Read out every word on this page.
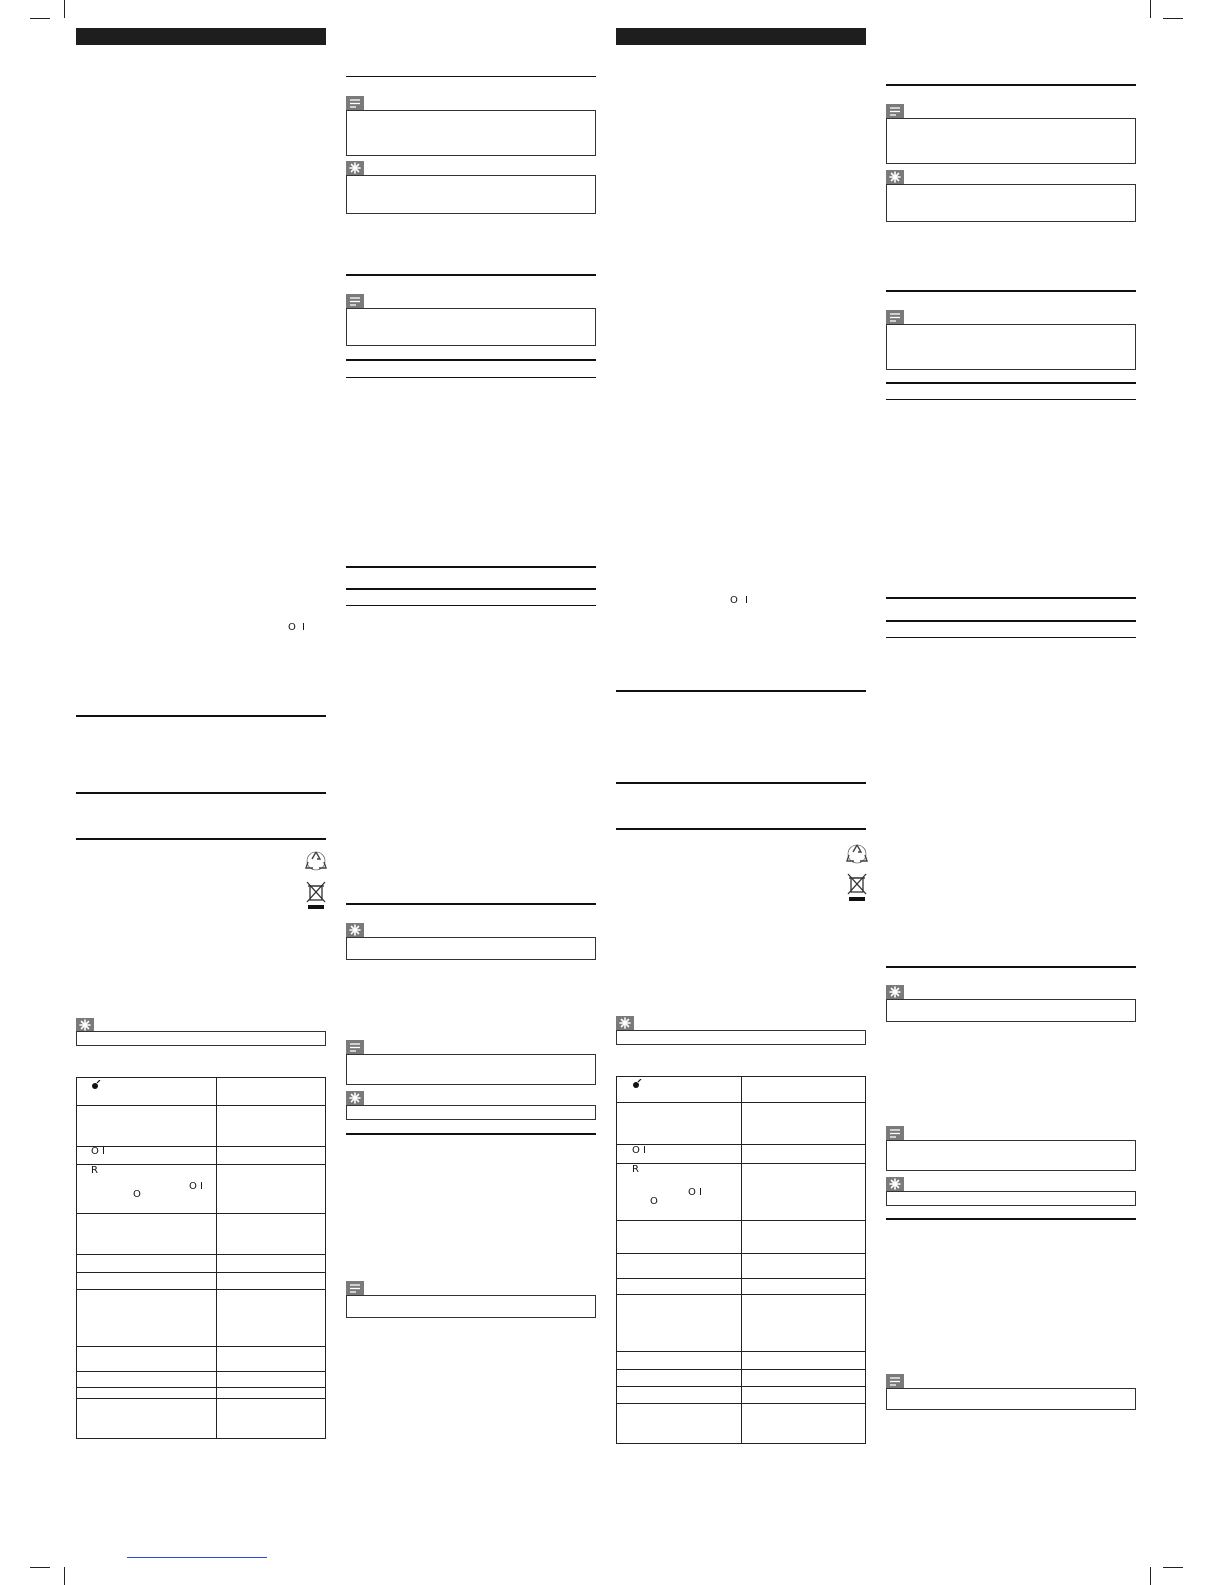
O I
O I
R
O I
O
O I
O I
R
O I
O
